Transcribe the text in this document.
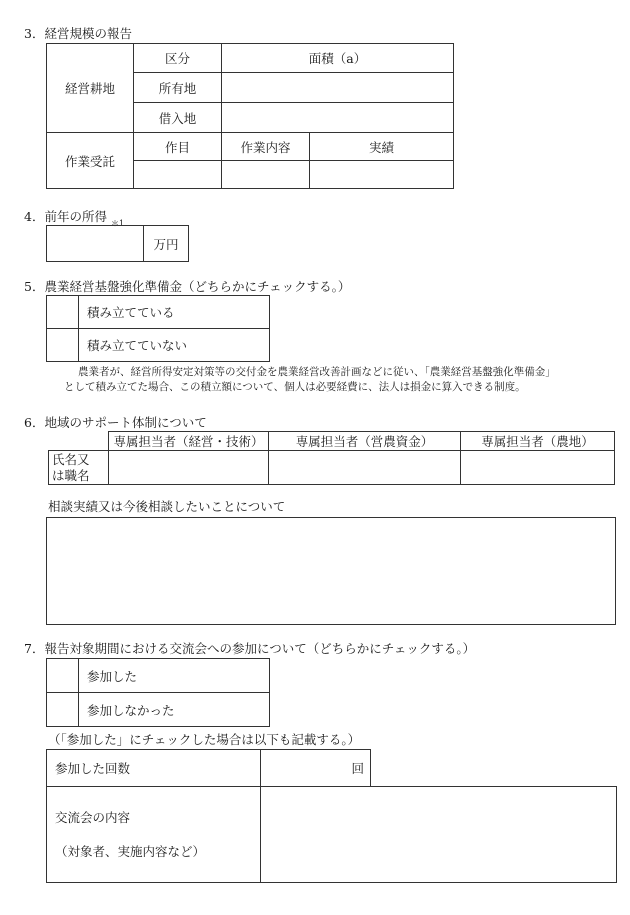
3．経営規模の報告
経営耕地	区分	面積（a）	
	所有地		
	借入地		
作業受託	作目	作業内容	実績

4．前年の所得 $_{*1}$
	万円
5．農業経営基盤強化準備金（どちらかにチェックする。）
	積み立てている
	積み立てていない
農業者が、経営所得安定対策等の交付金を農業経営改善計画などに従い、「農業経営基盤強化準備金」
として積み立てた場合、この積立額について、個人は必要経費に、法人は損金に算入できる制度。
6．地域のサポート体制について
	専属担当者（経営・技術）	専属担当者（営農資金）	専属担当者（農地）

氏名又
は職名			

相談実績又は今後相談したいことについて
7．報告対象期間における交流会への参加について（どちらかにチェックする。）
	参加した
	参加しなかった
（「参加した」にチェックした場合は以下も記載する。）
参加した回数	回	

交流会の内容
（対象者、実施内容など）		
